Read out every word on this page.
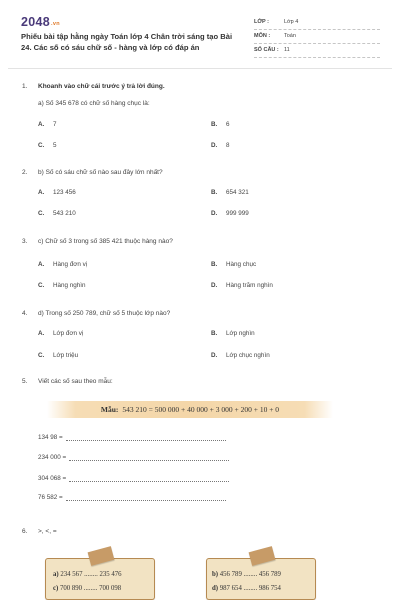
2048.vn
Phiếu bài tập hằng ngày Toán lớp 4 Chân trời sáng tạo Bài 24. Các số có sáu chữ số - hàng và lớp có đáp án
LỚP :	Lớp 4
MÔN :	Toán
SỐ CÂU : 11
1. Khoanh vào chữ cái trước ý trả lời đúng.
a) Số 345 678 có chữ số hàng chục là:
A. 7	B. 6
C. 5	D. 8
2. b) Số có sáu chữ số nào sau đây lớn nhất?
A. 123 456	B. 654 321
C. 543 210	D. 999 999
3. c) Chữ số 3 trong số 385 421 thuộc hàng nào?
A. Hàng đơn vị	B. Hàng chục
C. Hàng nghìn	D. Hàng trăm nghìn
4. d) Trong số 250 789, chữ số 5 thuộc lớp nào?
A. Lớp đơn vị	B. Lớp nghìn
C. Lớp triệu	D. Lớp chục nghìn
5. Viết các số sau theo mẫu:
Mẫu: 543 210 = 500 000 + 40 000 + 3 000 + 200 + 10 + 0
134 98 =
234 000 =
304 068 =
76 582 =
6. >, <, =
a) 234 567 ........ 235 476
c) 700 890 ........ 700 098
b) 456 789 ........ 456 789
d) 987 654 ........ 986 754
